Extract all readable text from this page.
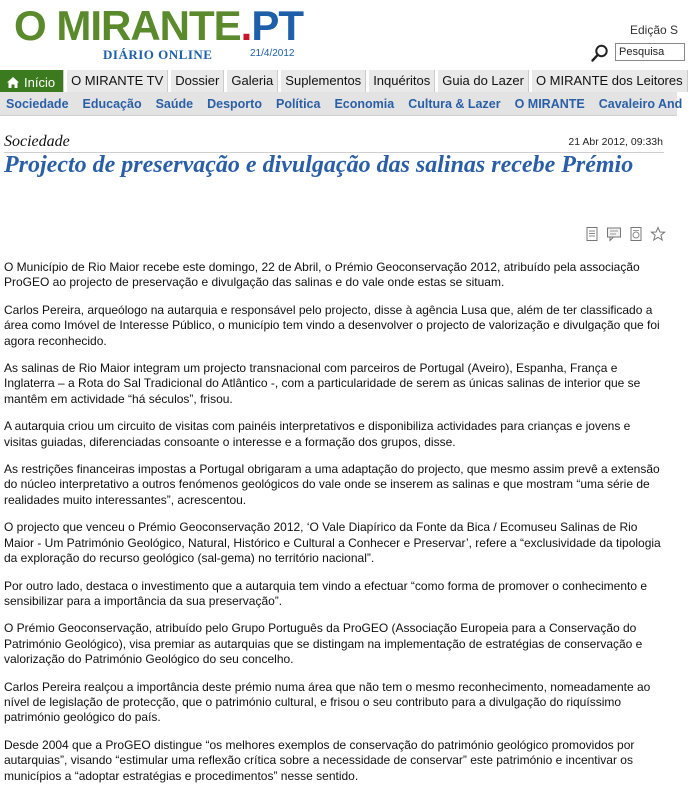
O MIRANTE.PT
DIÁRIO ONLINE	21/4/2012
Edição S
Pesquisa
Início	O MIRANTE TV Dossier Galeria Suplementos Inquéritos Guia do Lazer O MIRANTE dos Leitores
Sociedade	Educação	Saúde	Desporto	Política	Economia	Cultura & Lazer	O MIRANTE	Cavaleiro And
Sociedade	21 Abr 2012, 09:33h
Projecto de preservação e divulgação das salinas recebe Prémio

O Município de Rio Maior recebe este domingo, 22 de Abril, o Prémio Geoconservação 2012, atribuído pela associação ProGEO ao projecto de preservação e divulgação das salinas e do vale onde estas se situam.

Carlos Pereira, arqueólogo na autarquia e responsável pelo projecto, disse à agência Lusa que, além de ter classificado a área como Imóvel de Interesse Público, o município tem vindo a desenvolver o projecto de valorização e divulgação que foi agora reconhecido.

As salinas de Rio Maior integram um projecto transnacional com parceiros de Portugal (Aveiro), Espanha, França e Inglaterra – a Rota do Sal Tradicional do Atlântico -, com a particularidade de serem as únicas salinas de interior que se mantêm em actividade “há séculos”, frisou.

A autarquia criou um circuito de visitas com painéis interpretativos e disponibiliza actividades para crianças e jovens e visitas guiadas, diferenciadas consoante o interesse e a formação dos grupos, disse.

As restrições financeiras impostas a Portugal obrigaram a uma adaptação do projecto, que mesmo assim prevê a extensão do núcleo interpretativo a outros fenómenos geológicos do vale onde se inserem as salinas e que mostram “uma série de realidades muito interessantes”, acrescentou.

O projecto que venceu o Prémio Geoconservação 2012, ‘O Vale Diapírico da Fonte da Bica / Ecomuseu Salinas de Rio Maior - Um Património Geológico, Natural, Histórico e Cultural a Conhecer e Preservar’, refere a “exclusividade da tipologia da exploração do recurso geológico (sal-gema) no território nacional”.

Por outro lado, destaca o investimento que a autarquia tem vindo a efectuar “como forma de promover o conhecimento e sensibilizar para a importância da sua preservação”.

O Prémio Geoconservação, atribuído pelo Grupo Português da ProGEO (Associação Europeia para a Conservação do Património Geológico), visa premiar as autarquias que se distingam na implementação de estratégias de conservação e valorização do Património Geológico do seu concelho.

Carlos Pereira realçou a importância deste prémio numa área que não tem o mesmo reconhecimento, nomeadamente ao nível de legislação de protecção, que o património cultural, e frisou o seu contributo para a divulgação do riquíssimo património geológico do país.

Desde 2004 que a ProGEO distingue “os melhores exemplos de conservação do património geológico promovidos por autarquias”, visando “estimular uma reflexão crítica sobre a necessidade de conservar” este património e incentivar os municípios a “adoptar estratégias e procedimentos” nesse sentido.
